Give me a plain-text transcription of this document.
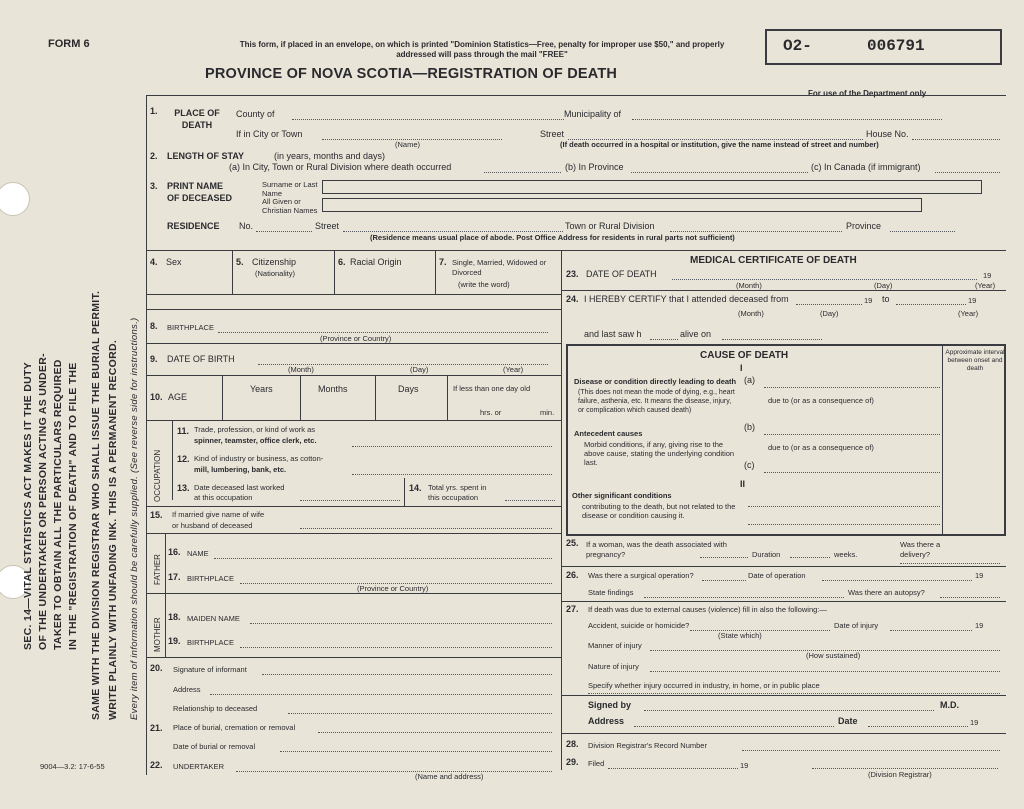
FORM 6	This form, if placed in an envelope, on which is printed "Dominion Statistics—Free, penalty for improper use $50," and properly addressed will pass through the mail "FREE"
PROVINCE OF NOVA SCOTIA—REGISTRATION OF DEATH
O2-	006791
For use of the Department only
SEC. 14—VITAL STATISTICS ACT MAKES IT THE DUTY OF THE UNDERTAKER OR PERSON ACTING AS UNDER- TAKER TO OBTAIN ALL THE PARTICULARS REQUIRED IN THE "REGISTRATION OF DEATH" AND TO FILE THE SAME WITH THE DIVISION REGISTRAR WHO SHALL ISSUE THE BURIAL PERMIT. WRITE PLAINLY WITH UNFADING INK. THIS IS A PERMANENT RECORD. Every item of information should be carefully supplied. (See reverse side for instructions.)
1.	PLACE OF DEATH
County of	Municipality of
If in City or Town
(Name)
Street	House No.
(If death occurred in a hospital or institution, give the name instead of street and number)
2. LENGTH OF STAY	(in years, months and days)
(a) In City, Town or Rural Division where death occurred	(b) In Province	(c) In Canada (if immigrant)
3. PRINT NAME
OF DECEASED
Surname or Last Name
All Given or Christian Names
RESIDENCE No.	Street	Town or Rural Division	Province
(Residence means usual place of abode. Post Office Address for residents in rural parts not sufficient)
4. Sex	5. Citizenship
(Nationality)
6. Racial Origin	7. Single, Married, Widowed or Divorced
(write the word)
8. BIRTHPLACE
(Province or Country)
9. DATE OF BIRTH
(Month)	(Day)	(Year)
10. AGE
Years	Months	Days	If less than one day old
hrs. or	min.
OCCUPATION
11. Trade, profession, or kind of work as
spinner, teamster, office clerk, etc.
12. Kind of industry or business, as cotton-
mill, lumbering, bank, etc.
13. Date deceased last worked
at this occupation
14. Total yrs. spent in
this occupation
15. If married give name of wife
or husband of deceased
FATHER
16. NAME
17. BIRTHPLACE
(Province or Country)
MOTHER
18. MAIDEN NAME
19. BIRTHPLACE
20. Signature of informant
Address
Relationship to deceased
21. Place of burial, cremation or removal
Date of burial or removal
22. UNDERTAKER
(Name and address)
MEDICAL CERTIFICATE OF DEATH
23. DATE OF DEATH	19
(Month)	(Day)	(Year)
24. I HEREBY CERTIFY that I attended deceased from	19 to	19
(Month)	(Day)	(Year)
and last saw h	alive on
CAUSE OF DEATH	Approximate interval between onset and death
I
Disease or condition directly leading to death
(This does not mean the mode of dying, e.g., heart failure, asthenia, etc. It means the disease, injury, or complication which caused death)
(a)
due to (or as a consequence of)
Antecedent causes
Morbid conditions, if any, giving rise to the above cause, stating the underlying condition last.
(b)
due to (or as a consequence of)
(c)
II
Other significant conditions
contributing to the death, but not related to the disease or condition causing it.
25. If a woman, was the death associated with pregnancy?	Duration	weeks.
Was there a delivery?
26. Was there a surgical operation?	Date of operation	19
State findings	Was there an autopsy?
27. If death was due to external causes (violence) fill in also the following:—
Accident, suicide or homicide?
(State which)
Date of injury	19
Manner of injury
(How sustained)
Nature of injury
Specify whether injury occurred in industry, in home, or in public place
Signed by	M.D.
Address	Date	19
28. Division Registrar's Record Number
29. Filed	19
(Division Registrar)
9004—3.2: 17-6-55
